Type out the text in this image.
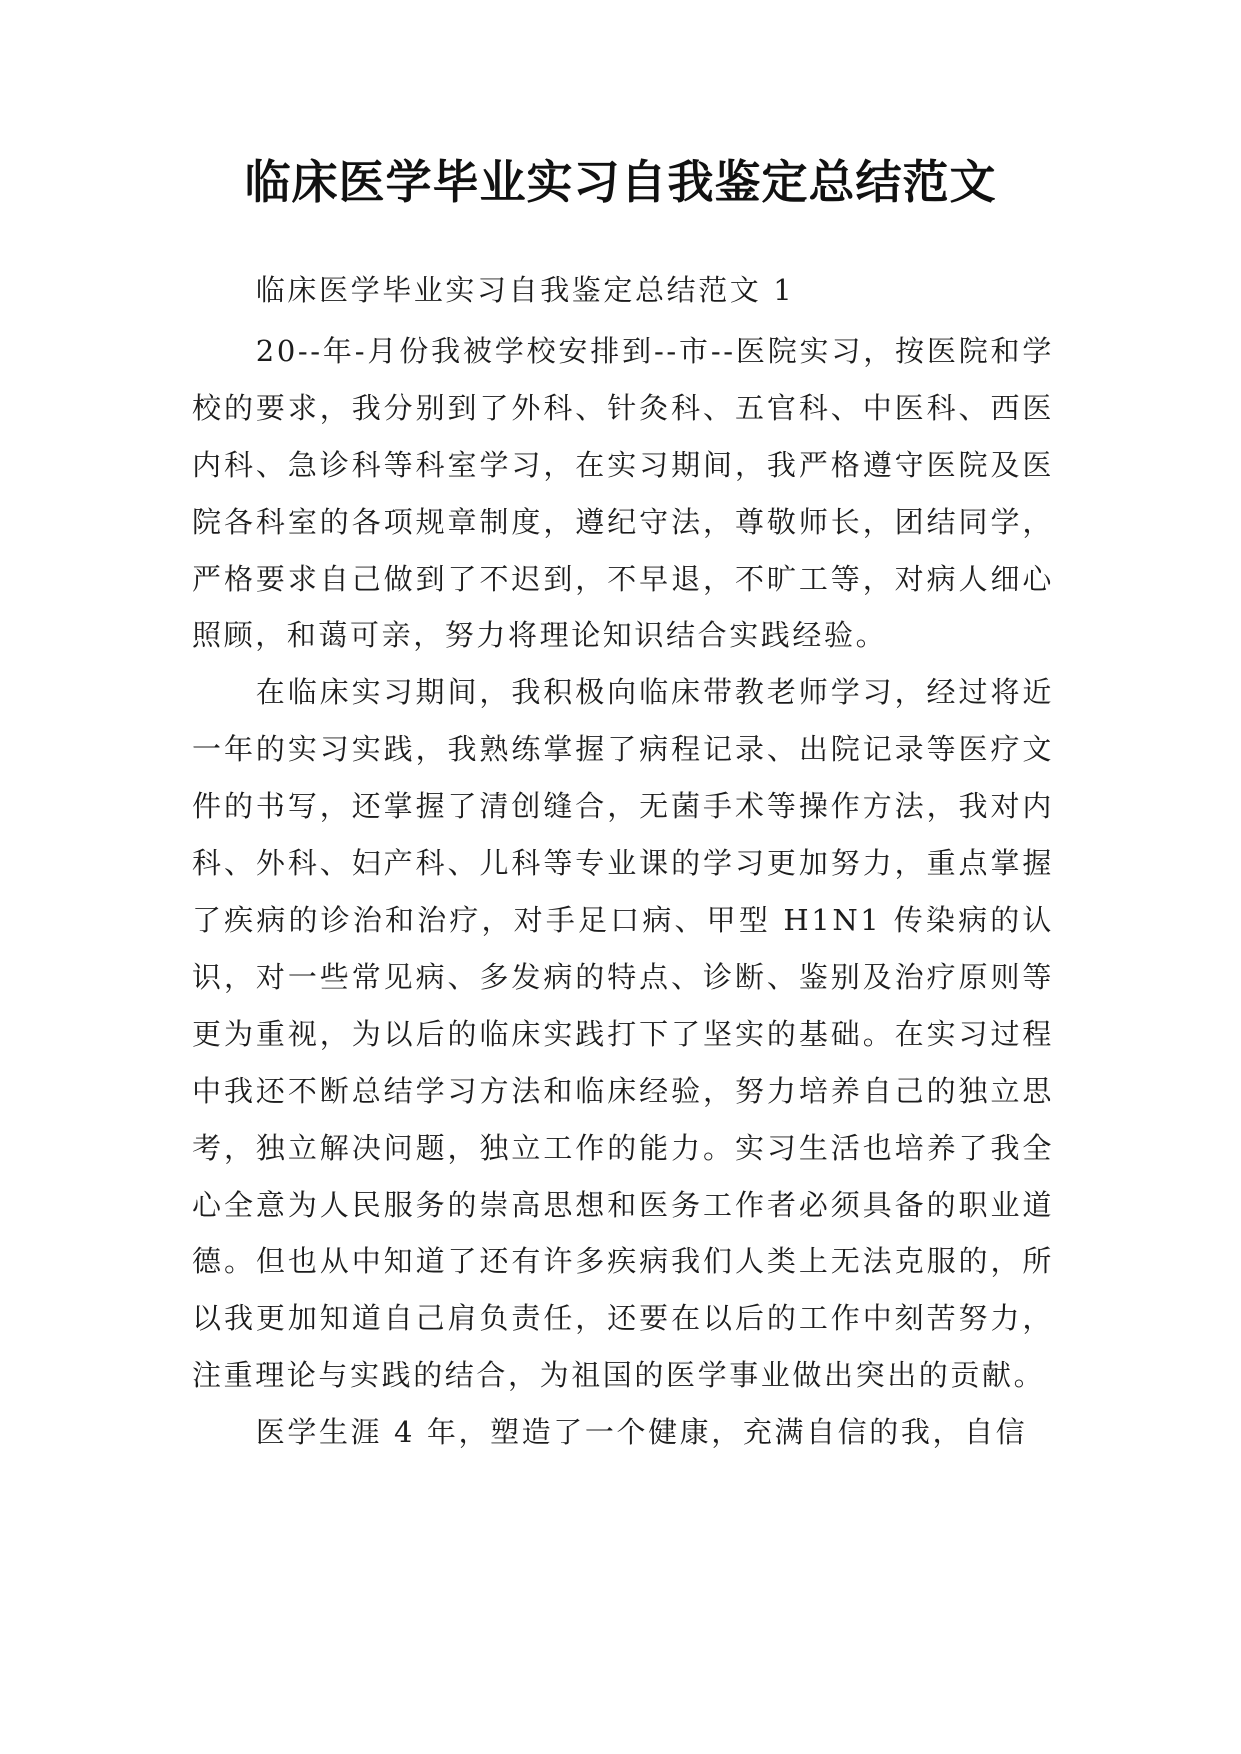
临床医学毕业实习自我鉴定总结范文

临床医学毕业实习自我鉴定总结范文 1

20--年-月份我被学校安排到--市--医院实习，按医院和学校的要求，我分别到了外科、针灸科、五官科、中医科、西医内科、急诊科等科室学习，在实习期间，我严格遵守医院及医院各科室的各项规章制度，遵纪守法，尊敬师长，团结同学，严格要求自己做到了不迟到，不早退，不旷工等，对病人细心照顾，和蔼可亲，努力将理论知识结合实践经验。

在临床实习期间，我积极向临床带教老师学习，经过将近一年的实习实践，我熟练掌握了病程记录、出院记录等医疗文件的书写，还掌握了清创缝合，无菌手术等操作方法，我对内科、外科、妇产科、儿科等专业课的学习更加努力，重点掌握了疾病的诊治和治疗，对手足口病、甲型 H1N1 传染病的认识，对一些常见病、多发病的特点、诊断、鉴别及治疗原则等更为重视，为以后的临床实践打下了坚实的基础。在实习过程中我还不断总结学习方法和临床经验，努力培养自己的独立思考，独立解决问题，独立工作的能力。实习生活也培养了我全心全意为人民服务的崇高思想和医务工作者必须具备的职业道德。但也从中知道了还有许多疾病我们人类上无法克服的，所以我更加知道自己肩负责任，还要在以后的工作中刻苦努力，注重理论与实践的结合，为祖国的医学事业做出突出的贡献。

医学生涯 4 年，塑造了一个健康，充满自信的我，自信
